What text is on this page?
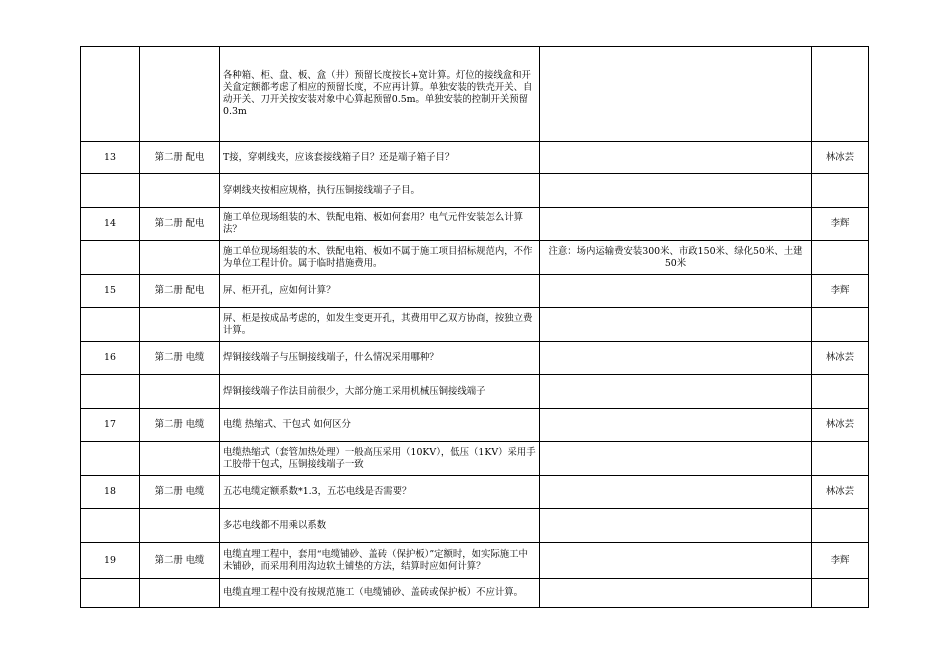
		各种箱、柜、盘、板、盒（井）预留长度按长+宽计算。灯位的接线盒和开关盒定额都考虑了相应的预留长度，不应再计算。单独安装的铁壳开关、自动开关、刀开关按安装对象中心算起预留0.5m。单独安装的控制开关预留0.3m		

13	第二册 配电	T接，穿刺线夹，应该套接线箱子目？还是端子箱子目？		林冰芸

		穿刺线夹按相应规格，执行压铜接线端子子目。		

14	第二册 配电	施工单位现场组装的木、铁配电箱、板如何套用？电气元件安装怎么计算法？		李辉

		施工单位现场组装的木、铁配电箱、板如不属于施工项目招标规范内，不作为单位工程计价。属于临时措施费用。	注意：场内运输费安装300米、市政150米、绿化50米、土建50米	
15	第二册 配电	屏、柜开孔，应如何计算？		李辉

		屏、柜是按成品考虑的，如发生变更开孔，其费用甲乙双方协商，按独立费计算。		

16	第二册 电缆	焊铜接线端子与压铜接线端子，什么情况采用哪种？		林冰芸

		焊铜接线端子作法目前很少，大部分施工采用机械压铜接线端子		

17	第二册 电缆	电缆 热缩式、干包式 如何区分		林冰芸

		电缆热缩式（套管加热处理）一般高压采用（10KV），低压（1KV）采用手工胶带干包式，压铜接线端子一致		

18	第二册 电缆	五芯电缆定额系数*1.3，五芯电线是否需要？		林冰芸

		多芯电线都不用乘以系数		

19	第二册 电缆	电缆直埋工程中，套用“电缆铺砂、盖砖（保护板）”定额时，如实际施工中未铺砂，而采用利用沟边软土铺垫的方法，结算时应如何计算？		李辉

		电缆直埋工程中没有按规范施工（电缆铺砂、盖砖或保护板）不应计算。		
